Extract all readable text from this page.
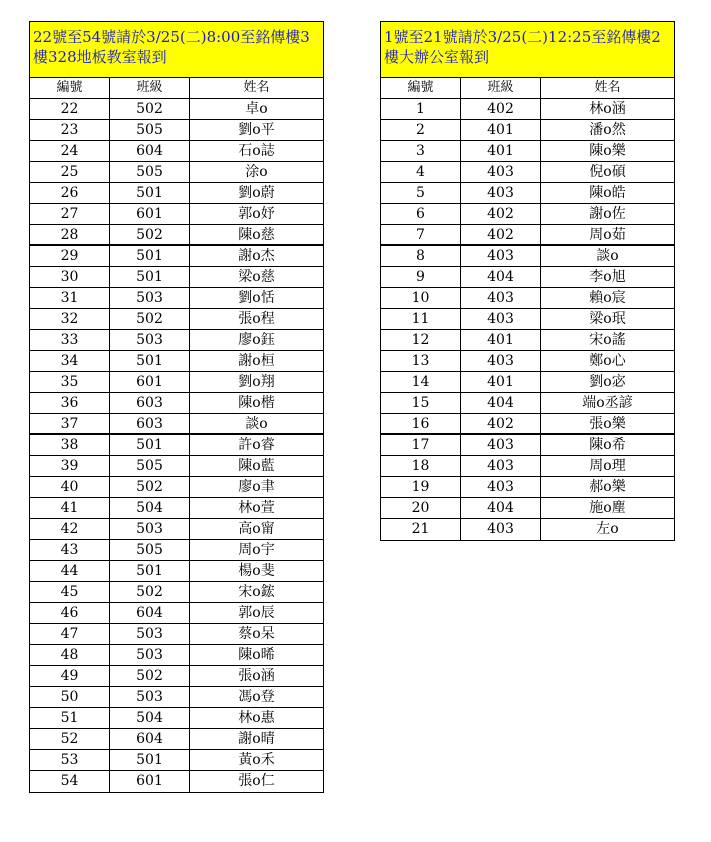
22號至54號請於3/25(二)8:00至銘傳樓3樓328地板教室報到
編號	班級	姓名
22	502	卓ο
23	505	劉ο平
24	604	石ο誌
25	505	涂ο
26	501	劉ο蔚
27	601	郭ο妤
28	502	陳ο慈
29	501	謝ο杰
30	501	梁ο慈
31	503	劉ο恬
32	502	張ο程
33	503	廖ο鈺
34	501	謝ο桓
35	601	劉ο翔
36	603	陳ο楷
37	603	談ο
38	501	許ο睿
39	505	陳ο藍
40	502	廖ο聿
41	504	林ο萱
42	503	高ο甯
43	505	周ο宇
44	501	楊ο斐
45	502	宋ο鋐
46	604	郭ο辰
47	503	蔡ο呆
48	503	陳ο晞
49	502	張ο涵
50	503	馮ο登
51	504	林ο惠
52	604	謝ο晴
53	501	黃ο禾
54	601	張ο仁
1號至21號請於3/25(二)12:25至銘傳樓2樓大辦公室報到
編號	班級	姓名
1	402	林ο涵
2	401	潘ο然
3	401	陳ο樂
4	403	倪ο碩
5	403	陳ο皓
6	402	謝ο佐
7	402	周ο茹
8	403	談ο
9	404	李ο旭
10	403	賴ο宸
11	403	梁ο珉
12	401	宋ο謠
13	403	鄭ο心
14	401	劉ο宓
15	404	端ο丞諺
16	402	張ο樂
17	403	陳ο希
18	403	周ο理
19	403	郝ο樂
20	404	施ο塵
21	403	左ο
